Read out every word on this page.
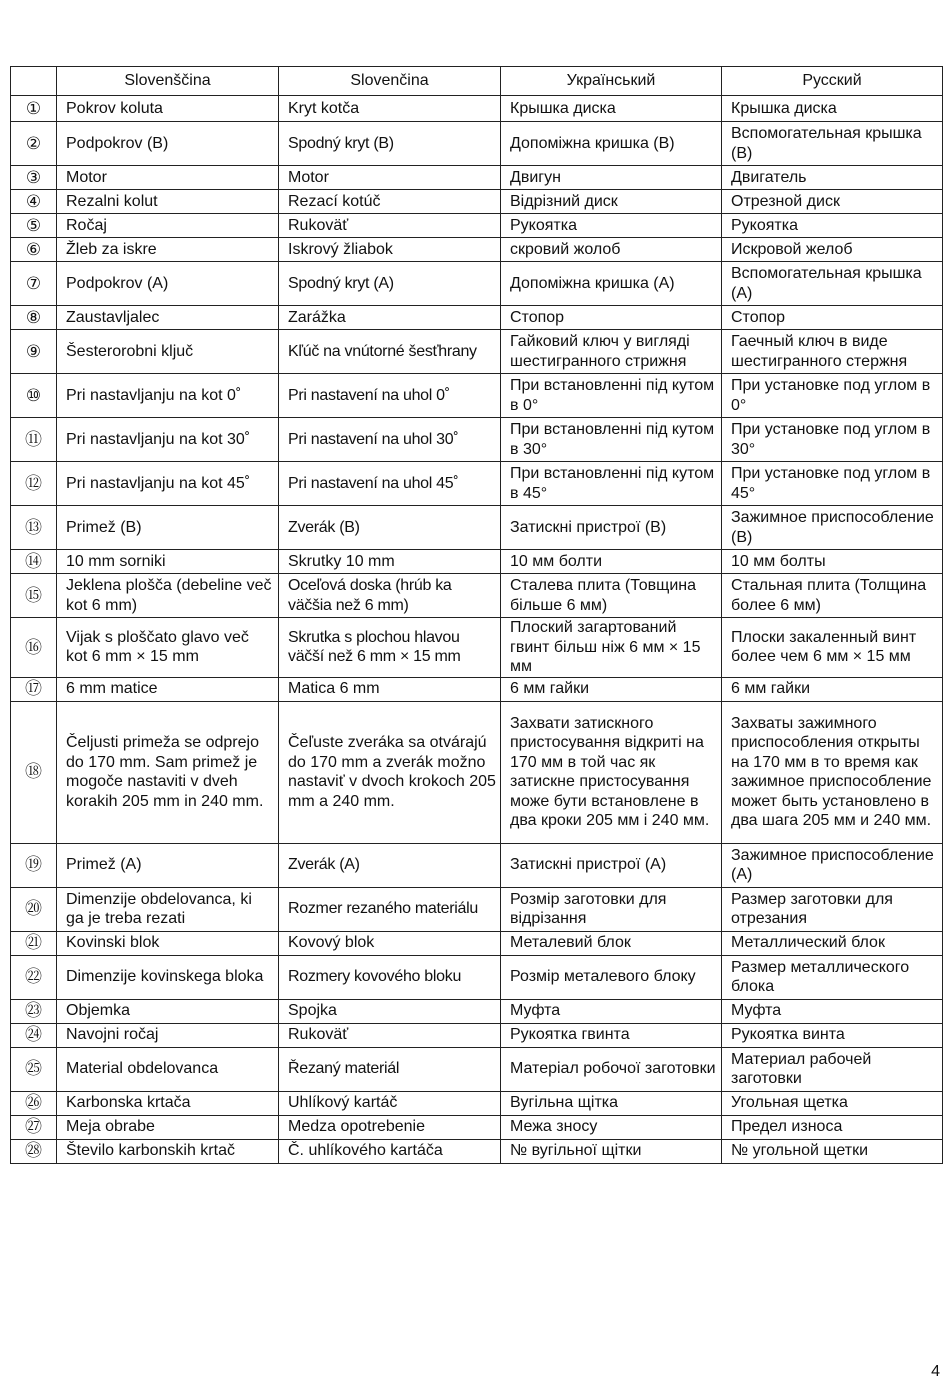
	Slovenščina	Slovenčina	Український	Русский
①	Pokrov koluta	Kryt kotča	Крышка диска	Крышка диска
②	Podpokrov (B)	Spodný kryt (B)	Допоміжна кришка (B)	Вспомогательная крышка (B)
③	Motor	Motor	Двигун	Двигатель
④	Rezalni kolut	Rezací kotúč	Відрізний диск	Отрезной диск
⑤	Ročaj	Rukoväť	Рукоятка	Рукоятка
⑥	Žleb za iskre	Iskrový žliabok	скровий жолоб	Искровой желоб
⑦	Podpokrov (A)	Spodný kryt (A)	Допоміжна кришка (A)	Вспомогательная крышка (A)
⑧	Zaustavljalec	Zarážka	Стопор	Стопор
⑨	Šesterorobni ključ	Kľúč na vnútorné šesťhrany	Гайковий ключ у вигляді шестигранного стрижня	Гаечный ключ в виде шестигранного стержня
⑩	Pri nastavljanju na kot 0˚	Pri nastavení na uhol 0˚	При встановленні під кутом в 0°	При установке под углом в 0°
⑪	Pri nastavljanju na kot 30˚	Pri nastavení na uhol 30˚	При встановленні під кутом в 30°	При установке под углом в 30°
⑫	Pri nastavljanju na kot 45˚	Pri nastavení na uhol 45˚	При встановленні під кутом в 45°	При установке под углом в 45°
⑬	Primež (B)	Zverák (B)	Затискні пристрої (B)	Зажимное приспособление (B)
⑭	10 mm sorniki	Skrutky 10 mm	10 мм болти	10 мм болты
⑮	Jeklena plošča (debeline več kot 6 mm)	Oceľová doska (hrúb ka väčšia než 6 mm)	Сталева плита (Товщина більше 6 мм)	Стальная плита (Толщина более 6 мм)
⑯	Vijak s ploščato glavo več kot 6 mm × 15 mm	Skrutka s plochou hlavou väčší než 6 mm × 15 mm	Плоский загартований гвинт більш ніж 6 мм × 15 мм	Плоски закаленный винт более чем 6 мм × 15 мм
⑰	6 mm matice	Matica 6 mm	6 мм гайки	6 мм гайки
⑱	Čeljusti primeža se odprejo do 170 mm. Sam primež je mogoče nastaviti v dveh korakih 205 mm in 240 mm.	Čeľuste zveráka sa otvárajú do 170 mm a zverák možno nastaviť v dvoch krokoch 205 mm a 240 mm.	Захвати затискного пристосування відкриті на 170 мм в той час як затискне пристосування може бути встановлене в два кроки 205 мм і 240 мм.	Захваты зажимного приспособления открыты на 170 мм в то время как зажимное приспособление может быть установлено в два шага 205 мм и 240 мм.
⑲	Primež (A)	Zverák (A)	Затискні пристрої (A)	Зажимное приспособление (A)
⑳	Dimenzije obdelovanca, ki ga je treba rezati	Rozmer rezaného materiálu	Розмір заготовки для відрізання	Размер заготовки для отрезания
㉑	Kovinski blok	Kovový blok	Металевий блок	Металлический блок
㉒	Dimenzije kovinskega bloka	Rozmery kovového bloku	Розмір металевого блоку	Размер металлического блока
㉓	Objemka	Spojka	Муфта	Муфта
㉔	Navojni ročaj	Rukoväť	Рукоятка гвинта	Рукоятка винта
㉕	Material obdelovanca	Řezaný materiál	Матеріал робочої заготовки	Материал рабочей заготовки
㉖	Karbonska krtača	Uhlíkový kartáč	Вугільна щітка	Угольная щетка
㉗	Meja obrabe	Medza opotrebenie	Межа зносу	Предел износа
㉘	Število karbonskih krtač	Č. uhlíkového kartáča	№ вугільної щітки	№ угольной щетки
4
